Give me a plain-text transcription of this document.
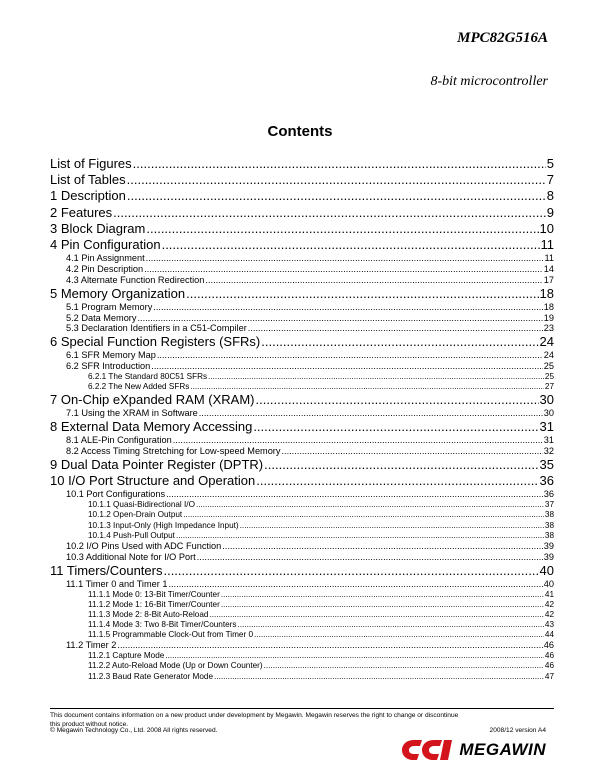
MPC82G516A
8-bit microcontroller
Contents
List of Figures .....	5
List of Tables .....	7
1 Description .....	8
2 Features .....	9
3 Block Diagram .....	10
4 Pin Configuration .....	11
4.1 Pin Assignment .....	11
4.2 Pin Description .....	14
4.3 Alternate Function Redirection .....	17
5 Memory Organization .....	18
5.1 Program Memory .....	18
5.2 Data Memory .....	19
5.3 Declaration Identifiers in a C51-Compiler .....	23
6 Special Function Registers (SFRs) .....	24
6.1 SFR Memory Map .....	24
6.2 SFR Introduction .....	25
6.2.1 The Standard 80C51 SFRs .....	25
6.2.2 The New Added SFRs .....	27
7 On-Chip eXpanded RAM (XRAM) .....	30
7.1 Using the XRAM in Software .....	30
8 External Data Memory Accessing .....	31
8.1 ALE-Pin Configuration .....	31
8.2 Access Timing Stretching for Low-speed Memory .....	32
9 Dual Data Pointer Register (DPTR) .....	35
10 I/O Port Structure and Operation .....	36
10.1 Port Configurations .....	36
10.1.1 Quasi-Bidirectional I/O .....	37
10.1.2 Open-Drain Output .....	38
10.1.3 Input-Only (High Impedance Input) .....	38
10.1.4 Push-Pull Output .....	38
10.2 I/O Pins Used with ADC Function .....	39
10.3 Additional Note for I/O Port .....	39
11 Timers/Counters .....	40
11.1 Timer 0 and Timer 1 .....	40
11.1.1 Mode 0: 13-Bit Timer/Counter .....	41
11.1.2 Mode 1: 16-Bit Timer/Counter .....	42
11.1.3 Mode 2: 8-Bit Auto-Reload .....	42
11.1.4 Mode 3: Two 8-Bit Timer/Counters .....	43
11.1.5 Programmable Clock-Out from Timer 0 .....	44
11.2 Timer 2 .....	46
11.2.1 Capture Mode .....	46
11.2.2 Auto-Reload Mode (Up or Down Counter) .....	46
11.2.3 Baud Rate Generator Mode .....	47
This document contains information on a new product under development by Megawin. Megawin reserves the right to change or discontinue this product without notice.
© Megawin Technology Co., Ltd. 2008 All rights reserved.	2008/12 version A4
MEGAWIN
